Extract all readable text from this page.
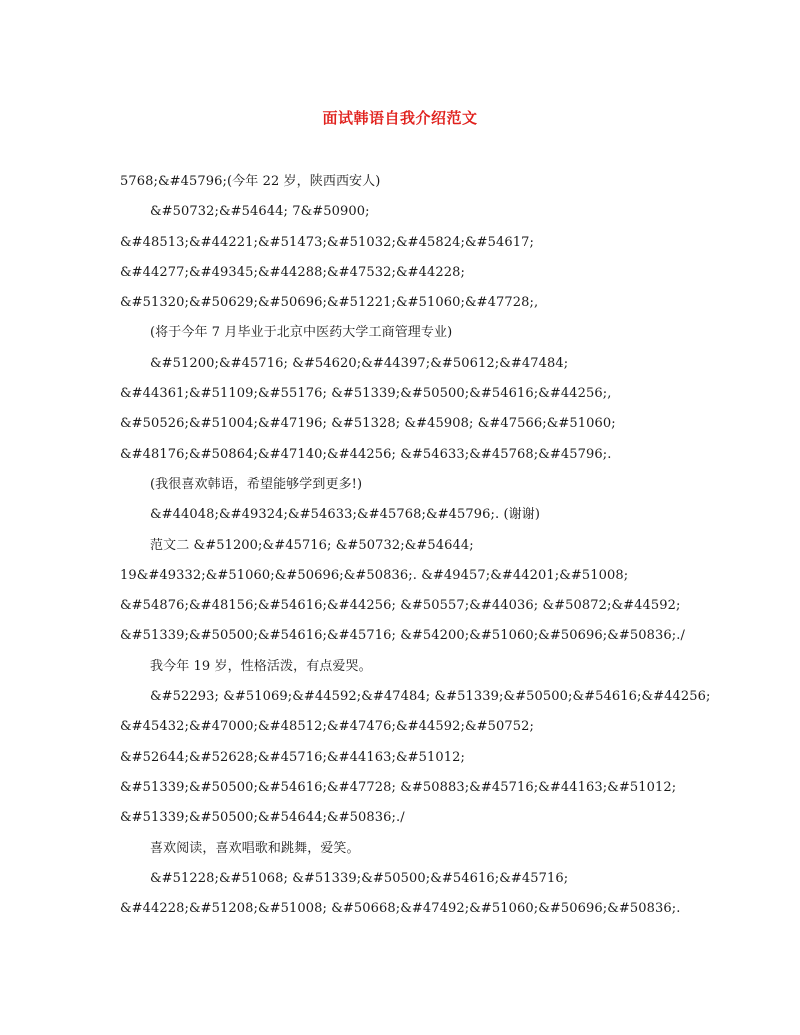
面试韩语自我介绍范文
5768;&#45796;(今年 22 岁，陕西西安人)
&#50732;&#54644; 7&#50900;
&#48513;&#44221;&#51473;&#51032;&#45824;&#54617;
&#44277;&#49345;&#44288;&#47532;&#44228;
&#51320;&#50629;&#50696;&#51221;&#51060;&#47728;,
(将于今年 7 月毕业于北京中医药大学工商管理专业)
&#51200;&#45716; &#54620;&#44397;&#50612;&#47484;
&#44361;&#51109;&#55176; &#51339;&#50500;&#54616;&#44256;,
&#50526;&#51004;&#47196; &#51328; &#45908; &#47566;&#51060;
&#48176;&#50864;&#47140;&#44256; &#54633;&#45768;&#45796;.
(我很喜欢韩语，希望能够学到更多!)
&#44048;&#49324;&#54633;&#45768;&#45796;. (谢谢)
范文二 &#51200;&#45716; &#50732;&#54644;
19&#49332;&#51060;&#50696;&#50836;. &#49457;&#44201;&#51008;
&#54876;&#48156;&#54616;&#44256; &#50557;&#44036; &#50872;&#44592;
&#51339;&#50500;&#54616;&#45716; &#54200;&#51060;&#50696;&#50836;./
我今年 19 岁，性格活泼，有点爱哭。
&#52293; &#51069;&#44592;&#47484; &#51339;&#50500;&#54616;&#44256;
&#45432;&#47000;&#48512;&#47476;&#44592;&#50752;
&#52644;&#52628;&#45716;&#44163;&#51012;
&#51339;&#50500;&#54616;&#47728; &#50883;&#45716;&#44163;&#51012;
&#51339;&#50500;&#54644;&#50836;./
喜欢阅读，喜欢唱歌和跳舞，爱笑。
&#51228;&#51068; &#51339;&#50500;&#54616;&#45716;
&#44228;&#51208;&#51008; &#50668;&#47492;&#51060;&#50696;&#50836;.
